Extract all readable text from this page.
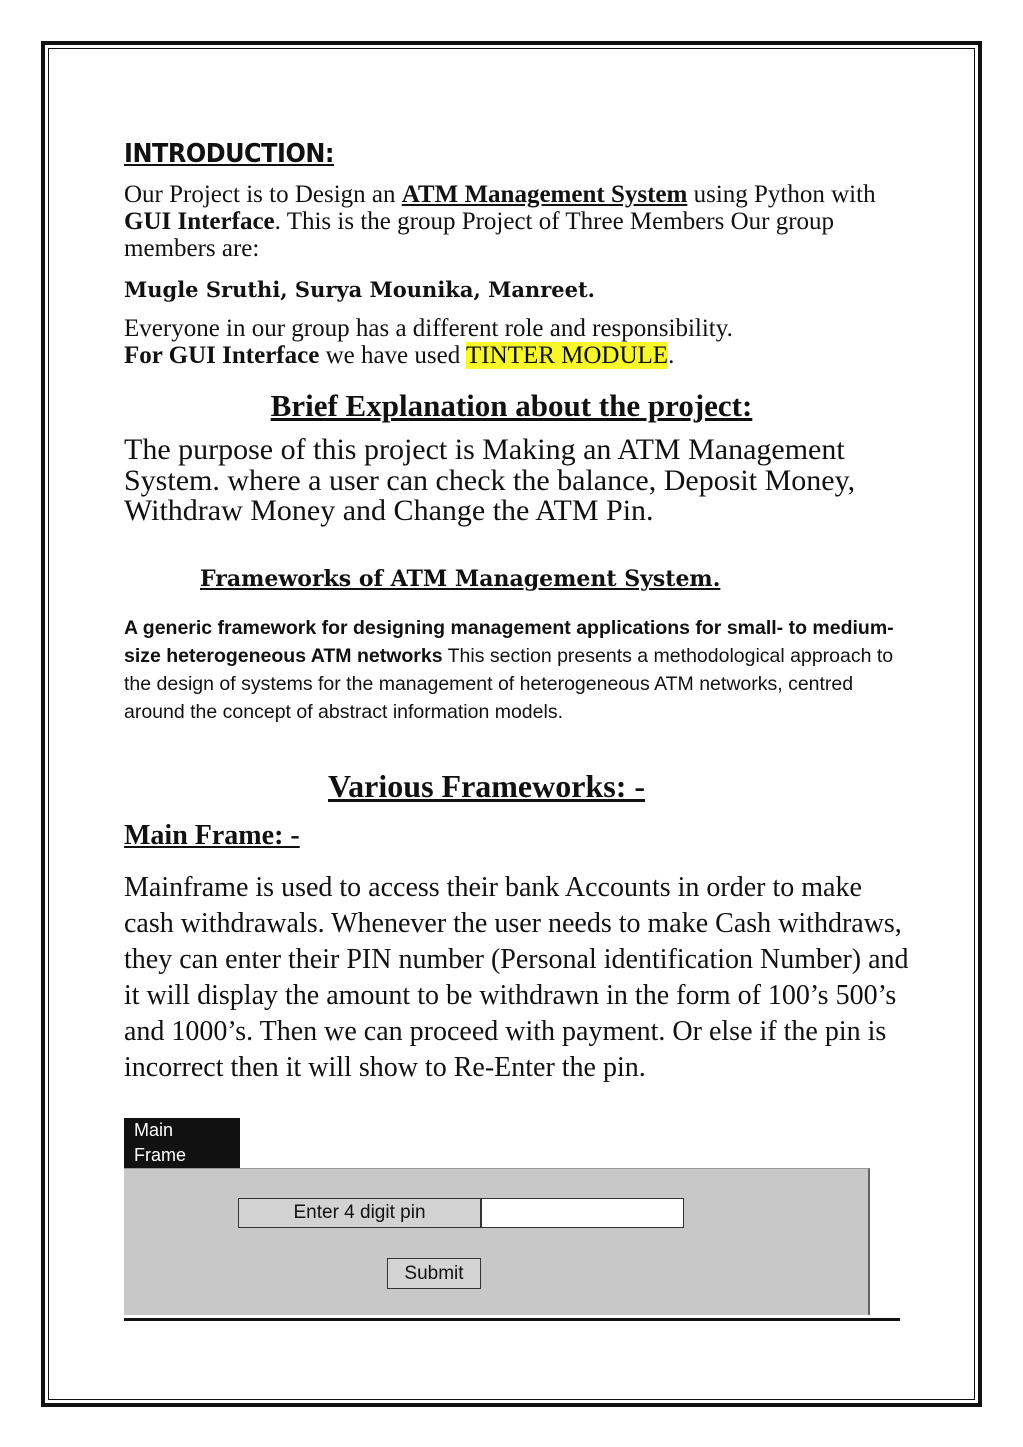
INTRODUCTION:

Our Project is to Design an ATM Management System using Python with GUI Interface. This is the group Project of Three Members Our group members are:

Mugle Sruthi, Surya Mounika, Manreet.

Everyone in our group has a different role and responsibility.
For GUI Interface we have used TINTER MODULE.

Brief Explanation about the project:

The purpose of this project is Making an ATM Management System. where a user can check the balance, Deposit Money, Withdraw Money and Change the ATM Pin.

Frameworks of ATM Management System.

A generic framework for designing management applications for small- to medium-size heterogeneous ATM networks This section presents a methodological approach to the design of systems for the management of heterogeneous ATM networks, centred around the concept of abstract information models.

Various Frameworks: -
Main Frame: -

Mainframe is used to access their bank Accounts in order to make cash withdrawals. Whenever the user needs to make Cash withdraws, they can enter their PIN number (Personal identification Number) and it will display the amount to be withdrawn in the form of 100’s 500’s and 1000’s. Then we can proceed with payment. Or else if the pin is incorrect then it will show to Re-Enter the pin.

Main
Frame
Enter 4 digit pin
Submit
